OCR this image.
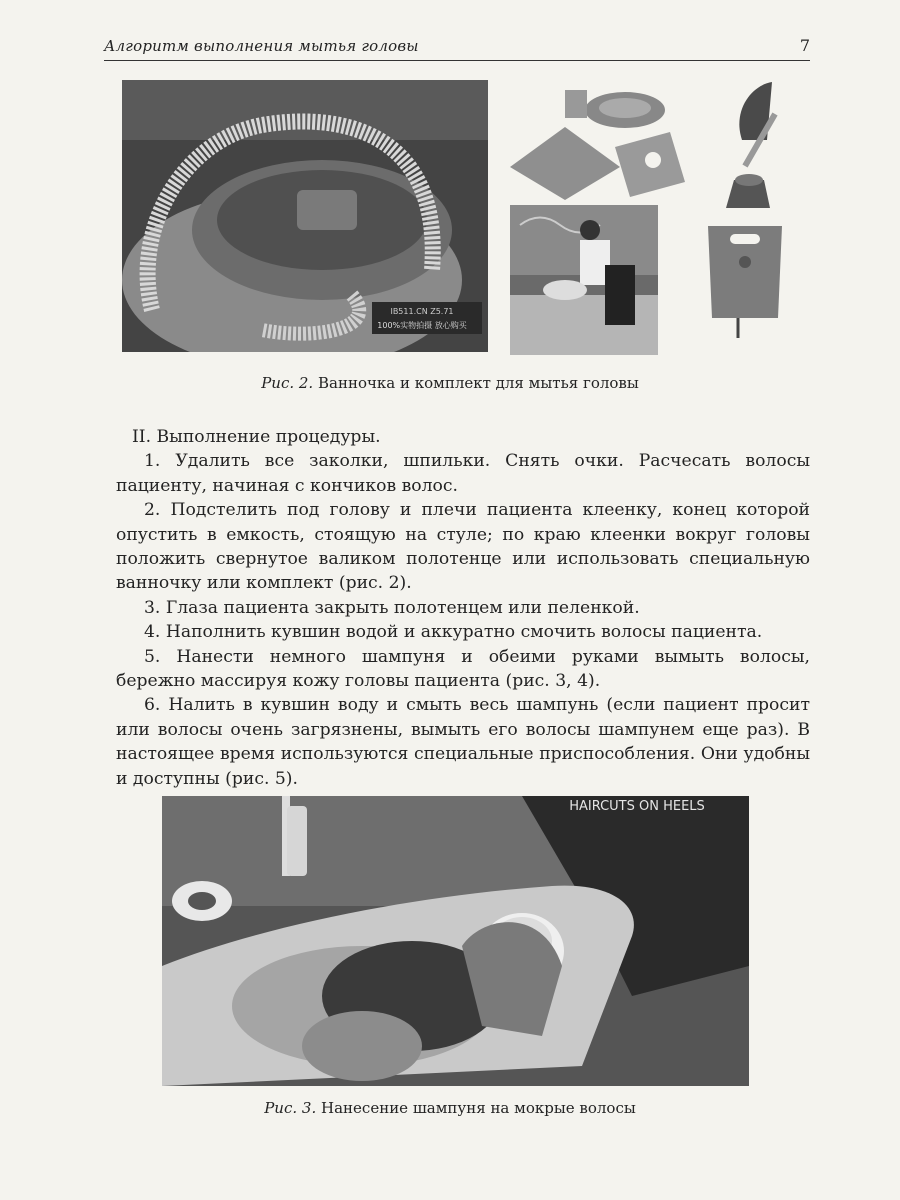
Алгоритм выполнения мытья головы	7
IB511.CN Z5.71
100%实物拍摄 放心购买
Рис. 2. Ванночка и комплект для мытья головы

II. Выполнение процедуры.

1. Удалить все заколки, шпильки. Снять очки. Расчесать волосы пациенту, начиная с кончиков волос.

2. Подстелить под голову и плечи пациента клеенку, конец которой опустить в емкость, стоящую на стуле; по краю клеенки вокруг головы положить свернутое валиком полотенце или использовать специальную ванночку или комплект (рис. 2).

3. Глаза пациента закрыть полотенцем или пеленкой.

4. Наполнить кувшин водой и аккуратно смочить волосы пациента.

5. Нанести немного шампуня и обеими руками вымыть волосы, бережно массируя кожу головы пациента (рис. 3, 4).

6. Налить в кувшин воду и смыть весь шампунь (если пациент просит или волосы очень загрязнены, вымыть его волосы шампунем еще раз). В настоящее время используются специальные приспособления. Они удобны и доступны (рис. 5).

HAIRCUTS ON HEELS
Рис. 3. Нанесение шампуня на мокрые волосы
